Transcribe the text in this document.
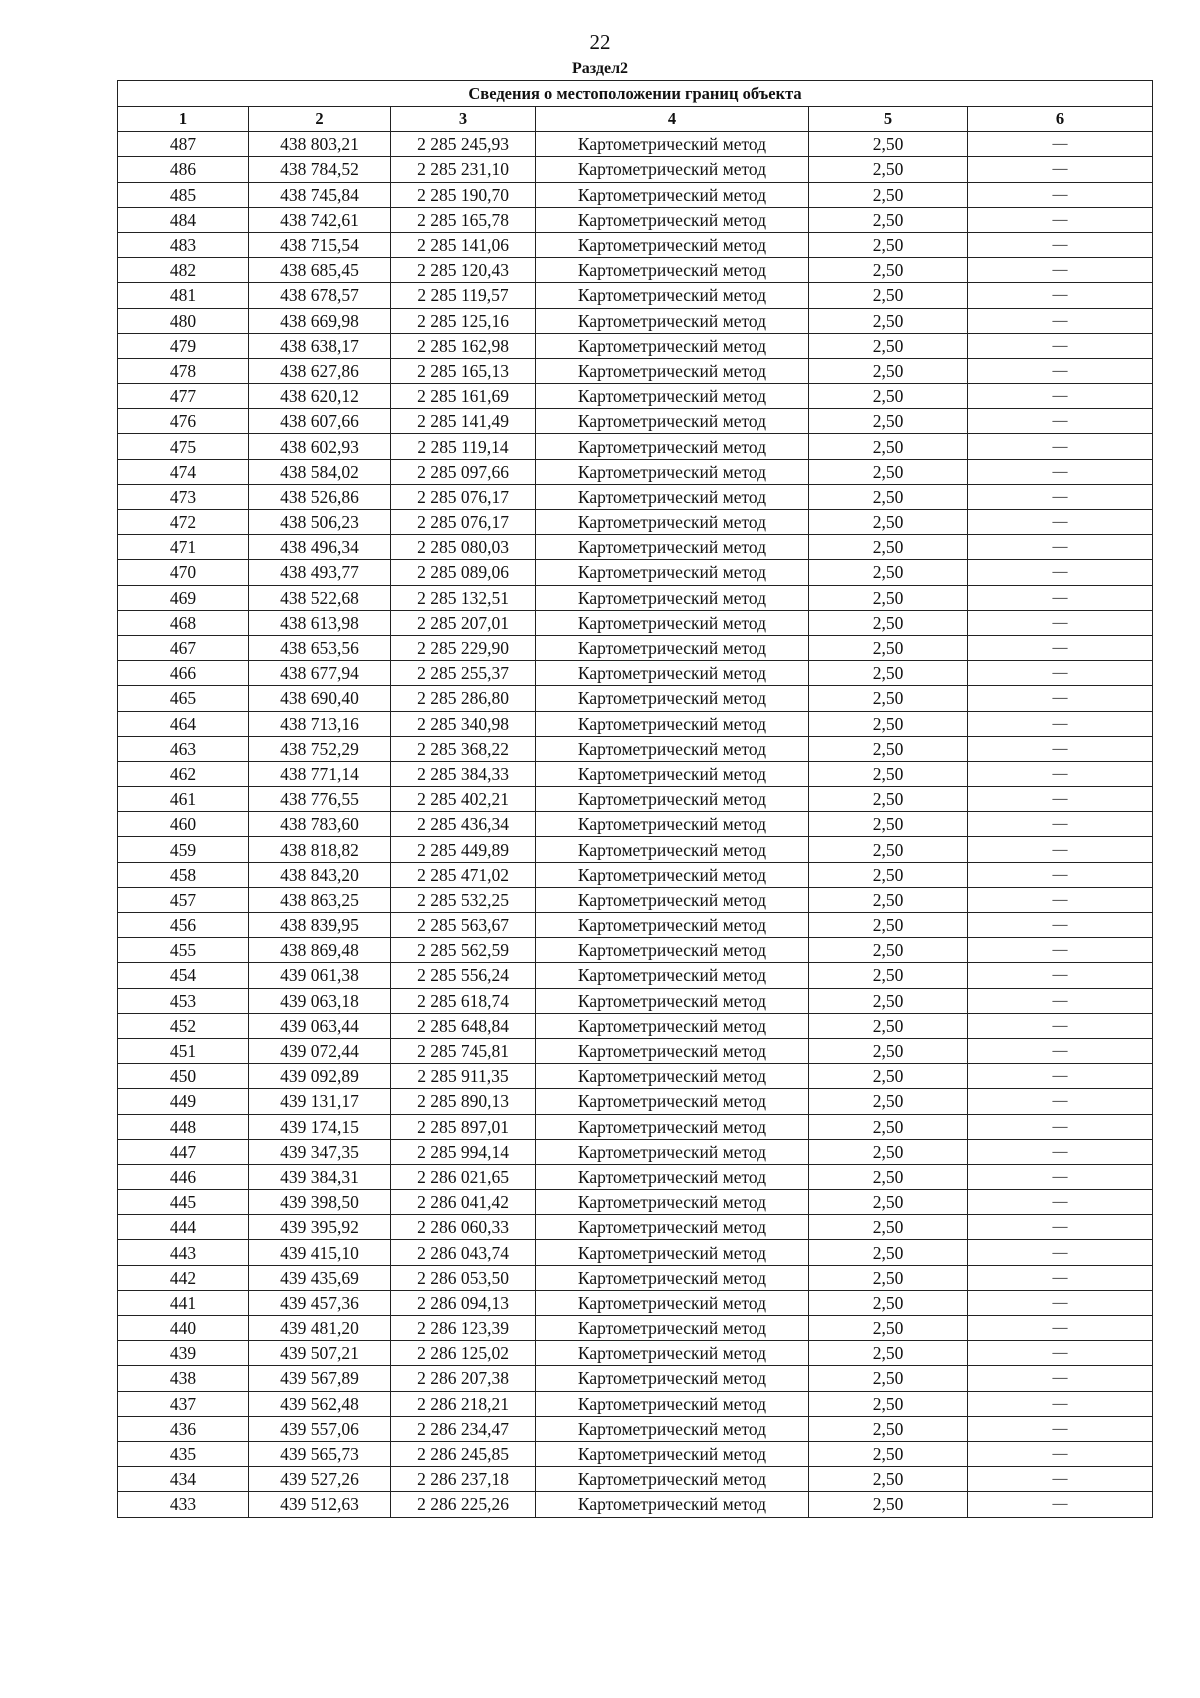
22
Раздел2
Сведения о местоположении границ объекта					
1	2	3	4	5	6
487	438 803,21	2 285 245,93	Картометрический метод	2,50	—
486	438 784,52	2 285 231,10	Картометрический метод	2,50	—
485	438 745,84	2 285 190,70	Картометрический метод	2,50	—
484	438 742,61	2 285 165,78	Картометрический метод	2,50	—
483	438 715,54	2 285 141,06	Картометрический метод	2,50	—
482	438 685,45	2 285 120,43	Картометрический метод	2,50	—
481	438 678,57	2 285 119,57	Картометрический метод	2,50	—
480	438 669,98	2 285 125,16	Картометрический метод	2,50	—
479	438 638,17	2 285 162,98	Картометрический метод	2,50	—
478	438 627,86	2 285 165,13	Картометрический метод	2,50	—
477	438 620,12	2 285 161,69	Картометрический метод	2,50	—
476	438 607,66	2 285 141,49	Картометрический метод	2,50	—
475	438 602,93	2 285 119,14	Картометрический метод	2,50	—
474	438 584,02	2 285 097,66	Картометрический метод	2,50	—
473	438 526,86	2 285 076,17	Картометрический метод	2,50	—
472	438 506,23	2 285 076,17	Картометрический метод	2,50	—
471	438 496,34	2 285 080,03	Картометрический метод	2,50	—
470	438 493,77	2 285 089,06	Картометрический метод	2,50	—
469	438 522,68	2 285 132,51	Картометрический метод	2,50	—
468	438 613,98	2 285 207,01	Картометрический метод	2,50	—
467	438 653,56	2 285 229,90	Картометрический метод	2,50	—
466	438 677,94	2 285 255,37	Картометрический метод	2,50	—
465	438 690,40	2 285 286,80	Картометрический метод	2,50	—
464	438 713,16	2 285 340,98	Картометрический метод	2,50	—
463	438 752,29	2 285 368,22	Картометрический метод	2,50	—
462	438 771,14	2 285 384,33	Картометрический метод	2,50	—
461	438 776,55	2 285 402,21	Картометрический метод	2,50	—
460	438 783,60	2 285 436,34	Картометрический метод	2,50	—
459	438 818,82	2 285 449,89	Картометрический метод	2,50	—
458	438 843,20	2 285 471,02	Картометрический метод	2,50	—
457	438 863,25	2 285 532,25	Картометрический метод	2,50	—
456	438 839,95	2 285 563,67	Картометрический метод	2,50	—
455	438 869,48	2 285 562,59	Картометрический метод	2,50	—
454	439 061,38	2 285 556,24	Картометрический метод	2,50	—
453	439 063,18	2 285 618,74	Картометрический метод	2,50	—
452	439 063,44	2 285 648,84	Картометрический метод	2,50	—
451	439 072,44	2 285 745,81	Картометрический метод	2,50	—
450	439 092,89	2 285 911,35	Картометрический метод	2,50	—
449	439 131,17	2 285 890,13	Картометрический метод	2,50	—
448	439 174,15	2 285 897,01	Картометрический метод	2,50	—
447	439 347,35	2 285 994,14	Картометрический метод	2,50	—
446	439 384,31	2 286 021,65	Картометрический метод	2,50	—
445	439 398,50	2 286 041,42	Картометрический метод	2,50	—
444	439 395,92	2 286 060,33	Картометрический метод	2,50	—
443	439 415,10	2 286 043,74	Картометрический метод	2,50	—
442	439 435,69	2 286 053,50	Картометрический метод	2,50	—
441	439 457,36	2 286 094,13	Картометрический метод	2,50	—
440	439 481,20	2 286 123,39	Картометрический метод	2,50	—
439	439 507,21	2 286 125,02	Картометрический метод	2,50	—
438	439 567,89	2 286 207,38	Картометрический метод	2,50	—
437	439 562,48	2 286 218,21	Картометрический метод	2,50	—
436	439 557,06	2 286 234,47	Картометрический метод	2,50	—
435	439 565,73	2 286 245,85	Картометрический метод	2,50	—
434	439 527,26	2 286 237,18	Картометрический метод	2,50	—
433	439 512,63	2 286 225,26	Картометрический метод	2,50	—
